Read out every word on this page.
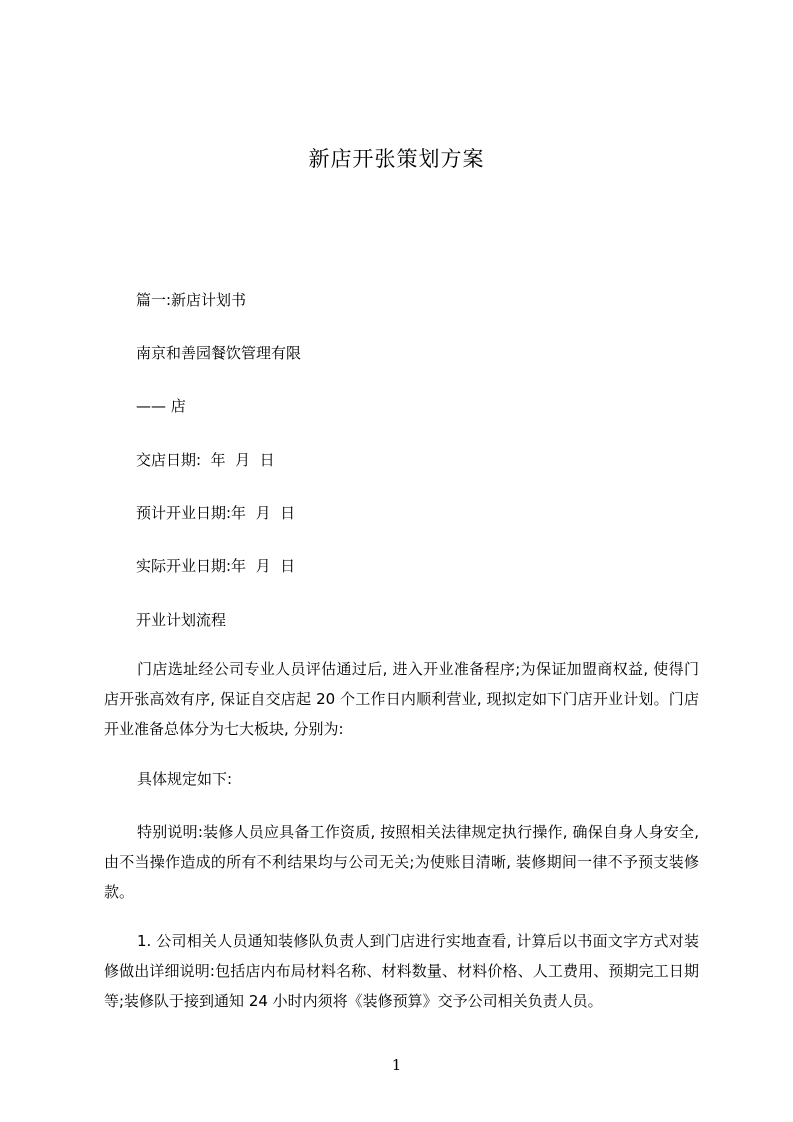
新店开张策划方案
篇一:新店计划书
南京和善园餐饮管理有限
—— 店
交店日期:  年  月  日
预计开业日期:年  月  日
实际开业日期:年  月  日
开业计划流程
门店选址经公司专业人员评估通过后, 进入开业准备程序;为保证加盟商权益, 使得门店开张高效有序, 保证自交店起 20 个工作日内顺利营业, 现拟定如下门店开业计划。门店开业准备总体分为七大板块, 分别为:
具体规定如下:
特别说明:装修人员应具备工作资质, 按照相关法律规定执行操作, 确保自身人身安全, 由不当操作造成的所有不利结果均与公司无关;为使账目清晰, 装修期间一律不予预支装修款。
1. 公司相关人员通知装修队负责人到门店进行实地查看, 计算后以书面文字方式对装修做出详细说明:包括店内布局材料名称、材料数量、材料价格、人工费用、预期完工日期等;装修队于接到通知 24 小时内须将《装修预算》交予公司相关负责人员。
1
